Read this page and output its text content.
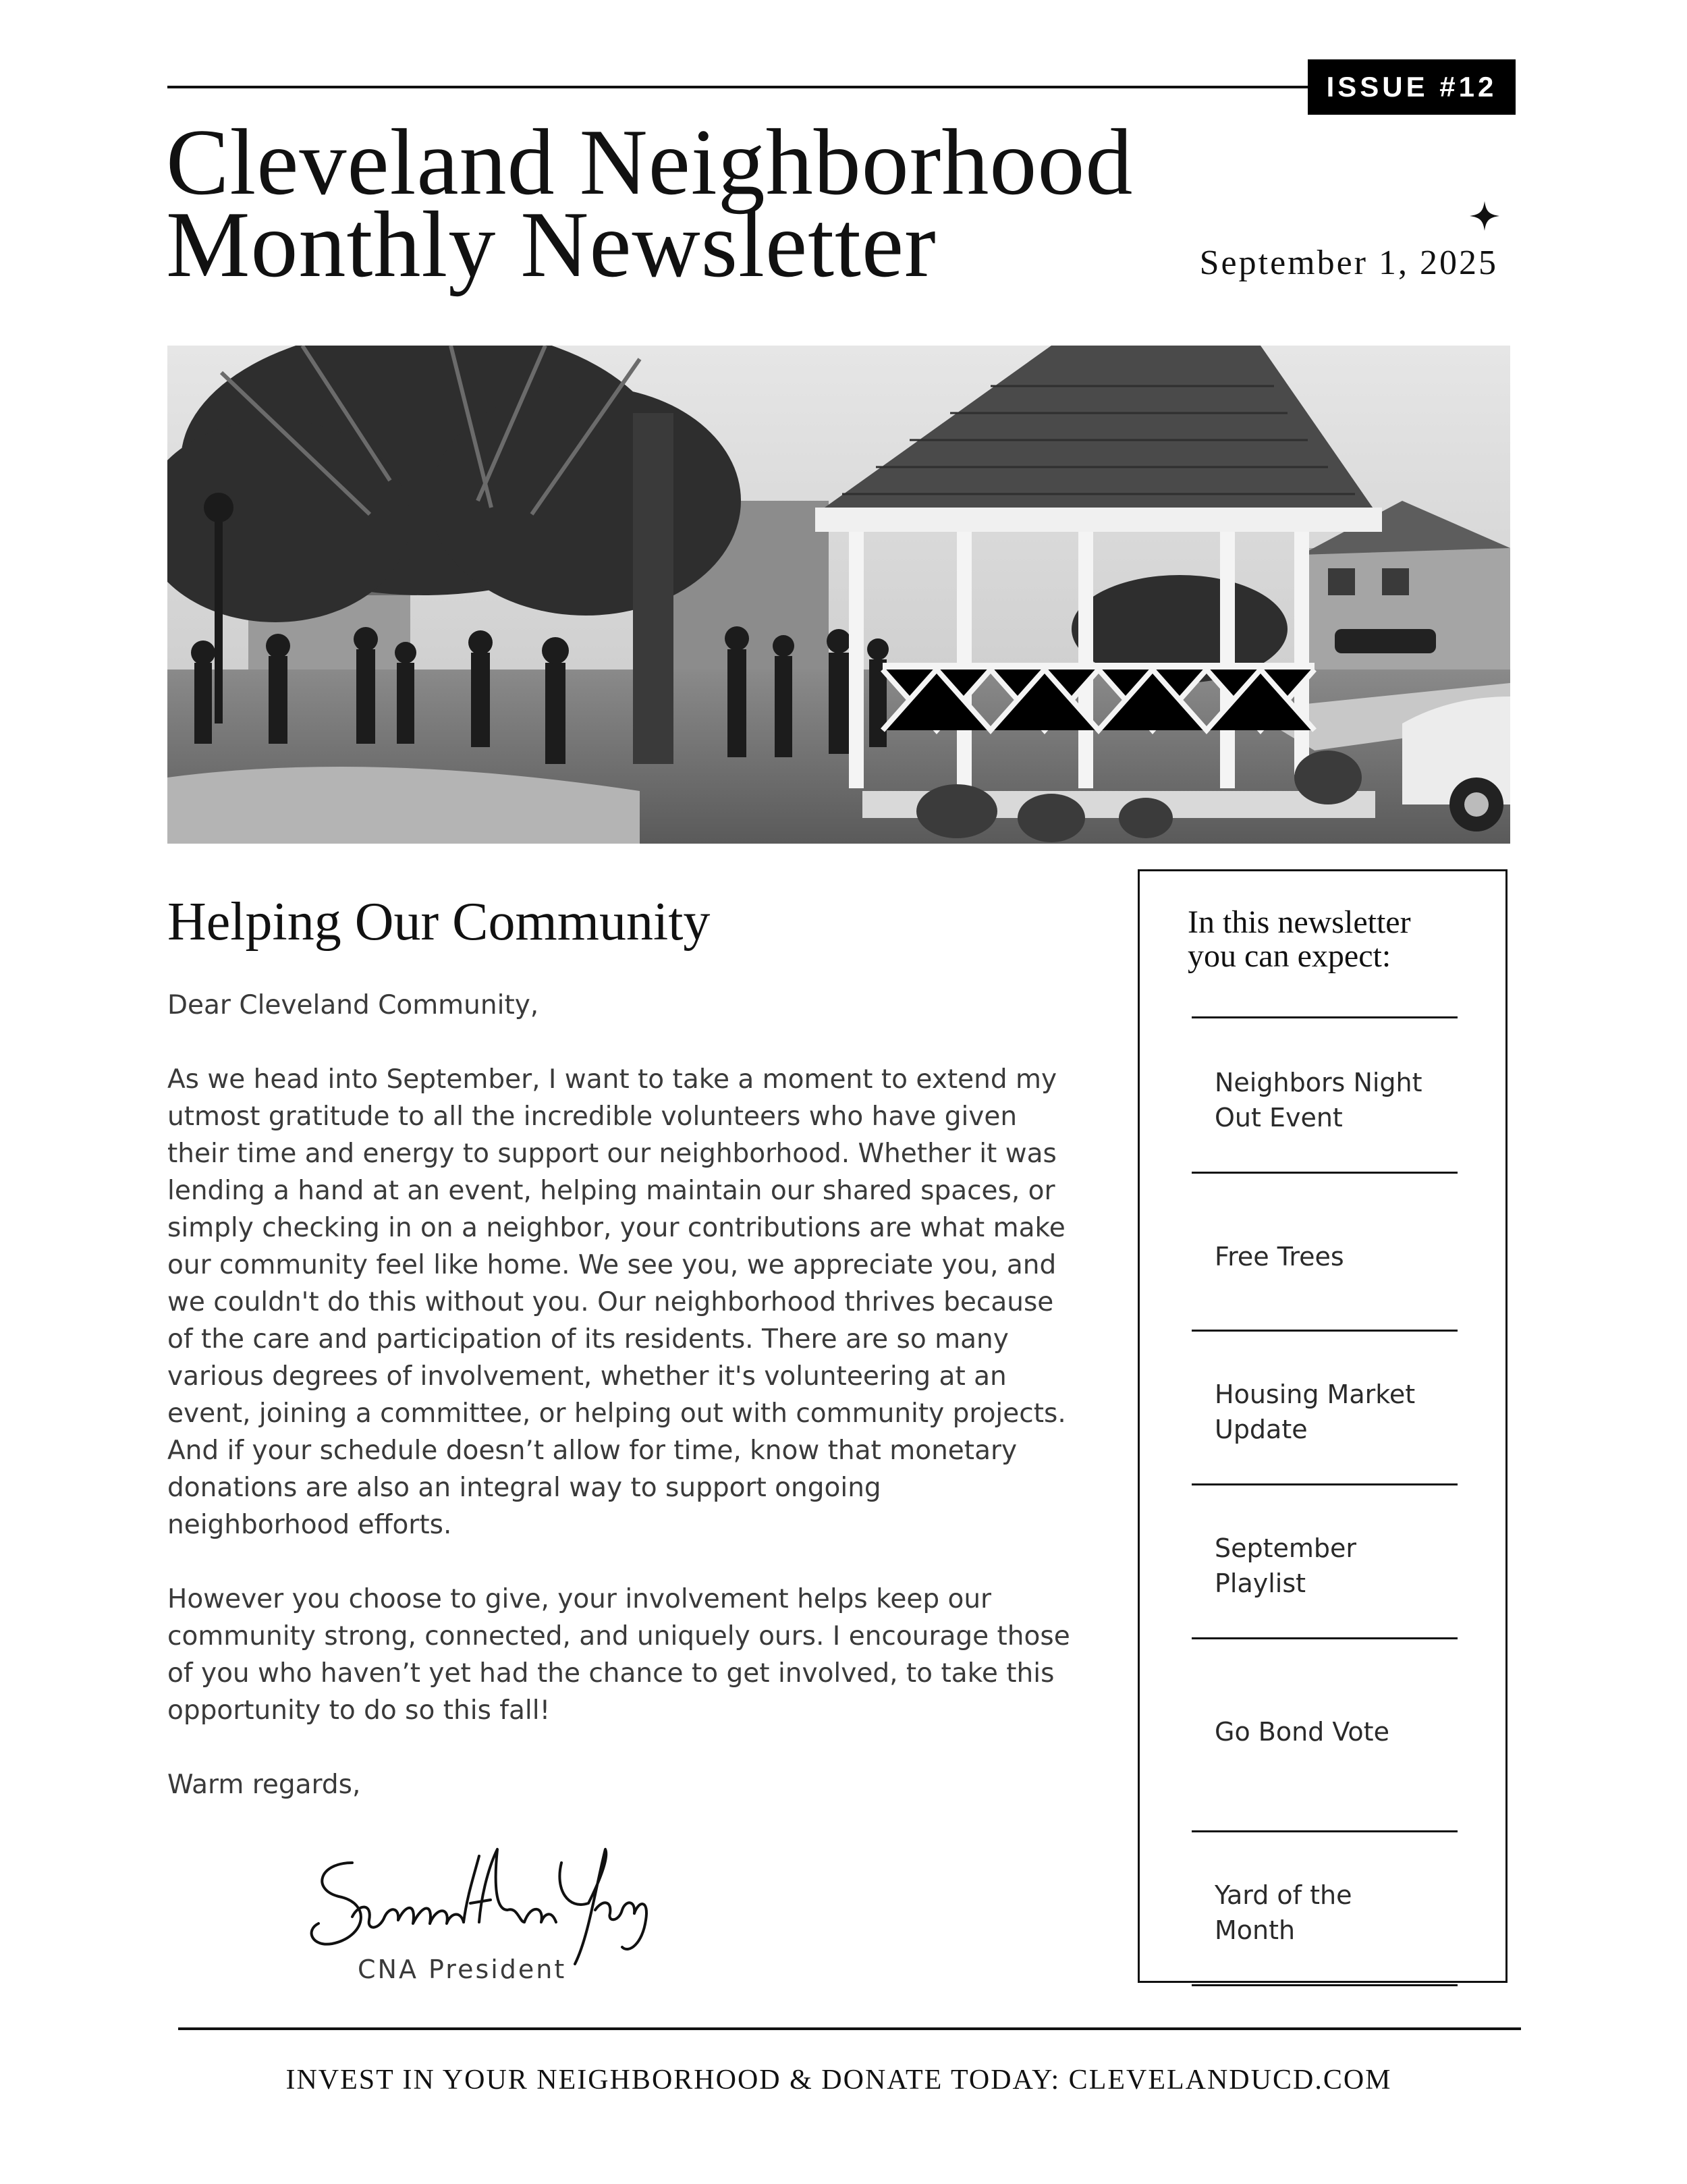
ISSUE #12
Cleveland Neighborhood
Monthly Newsletter	September 1, 2025
Helping Our Community

Dear Cleveland Community,

As we head into September, I want to take a moment to extend my utmost gratitude to all the incredible volunteers who have given their time and energy to support our neighborhood. Whether it was lending a hand at an event, helping maintain our shared spaces, or simply checking in on a neighbor, your contributions are what make our community feel like home. We see you, we appreciate you, and we couldn't do this without you. Our neighborhood thrives because of the care and participation of its residents. There are so many various degrees of involvement, whether it's volunteering at an event, joining a committee, or helping out with community projects. And if your schedule doesn’t allow for time, know that monetary donations are also an integral way to support ongoing neighborhood efforts.

However you choose to give, your involvement helps keep our community strong, connected, and uniquely ours. I encourage those of you who haven’t yet had the chance to get involved, to take this opportunity to do so this fall!

Warm regards,

CNA President
In this newsletter
you can expect:
Neighbors Night
Out Event
Free Trees
Housing Market
Update
September
Playlist
Go Bond Vote
Yard of the
Month
INVEST IN YOUR NEIGHBORHOOD & DONATE TODAY: CLEVELANDUCD.COM
